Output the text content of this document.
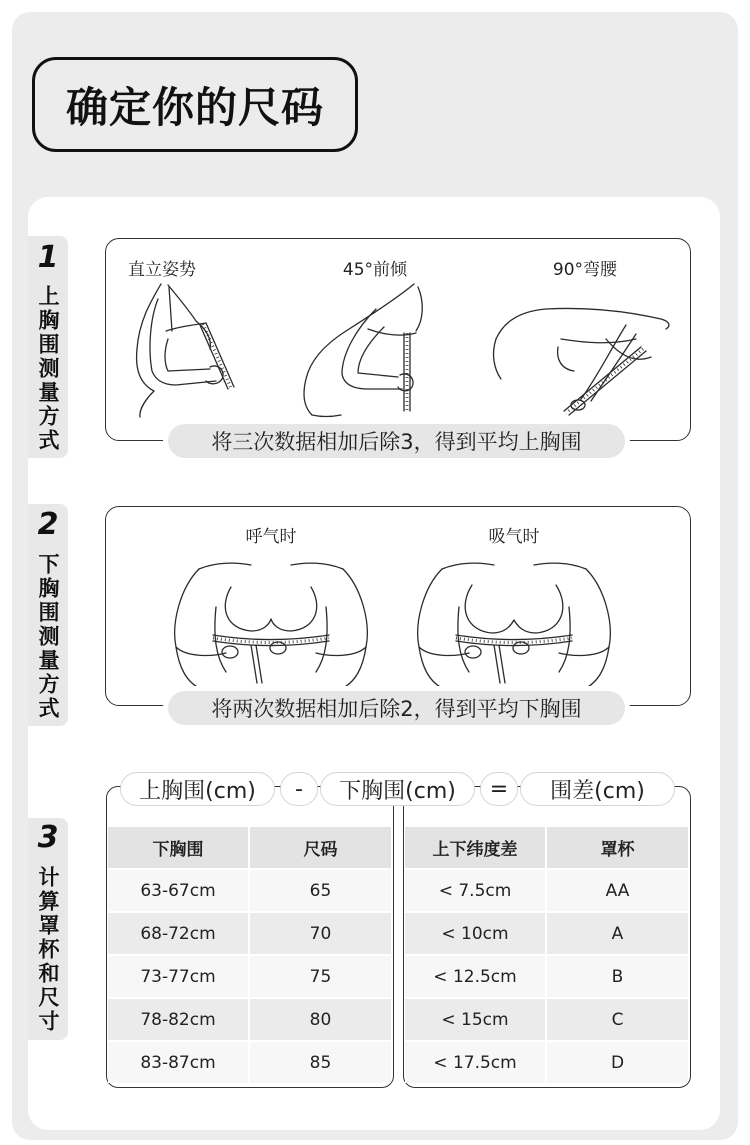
确定你的尺码
1
上胸围测量方式
直立姿势	45°前倾	90°弯腰
将三次数据相加后除3，得到平均上胸围
2
下胸围测量方式
呼气时	吸气时
将两次数据相加后除2，得到平均下胸围
3
计算罩杯和尺寸
上胸围(cm)	-	下胸围(cm)	=	围差(cm)
下胸围	尺码
63-67cm	65
68-72cm	70
73-77cm	75
78-82cm	80
83-87cm	85
上下纬度差	罩杯
< 7.5cm	AA
< 10cm	A
< 12.5cm	B
< 15cm	C
< 17.5cm	D
